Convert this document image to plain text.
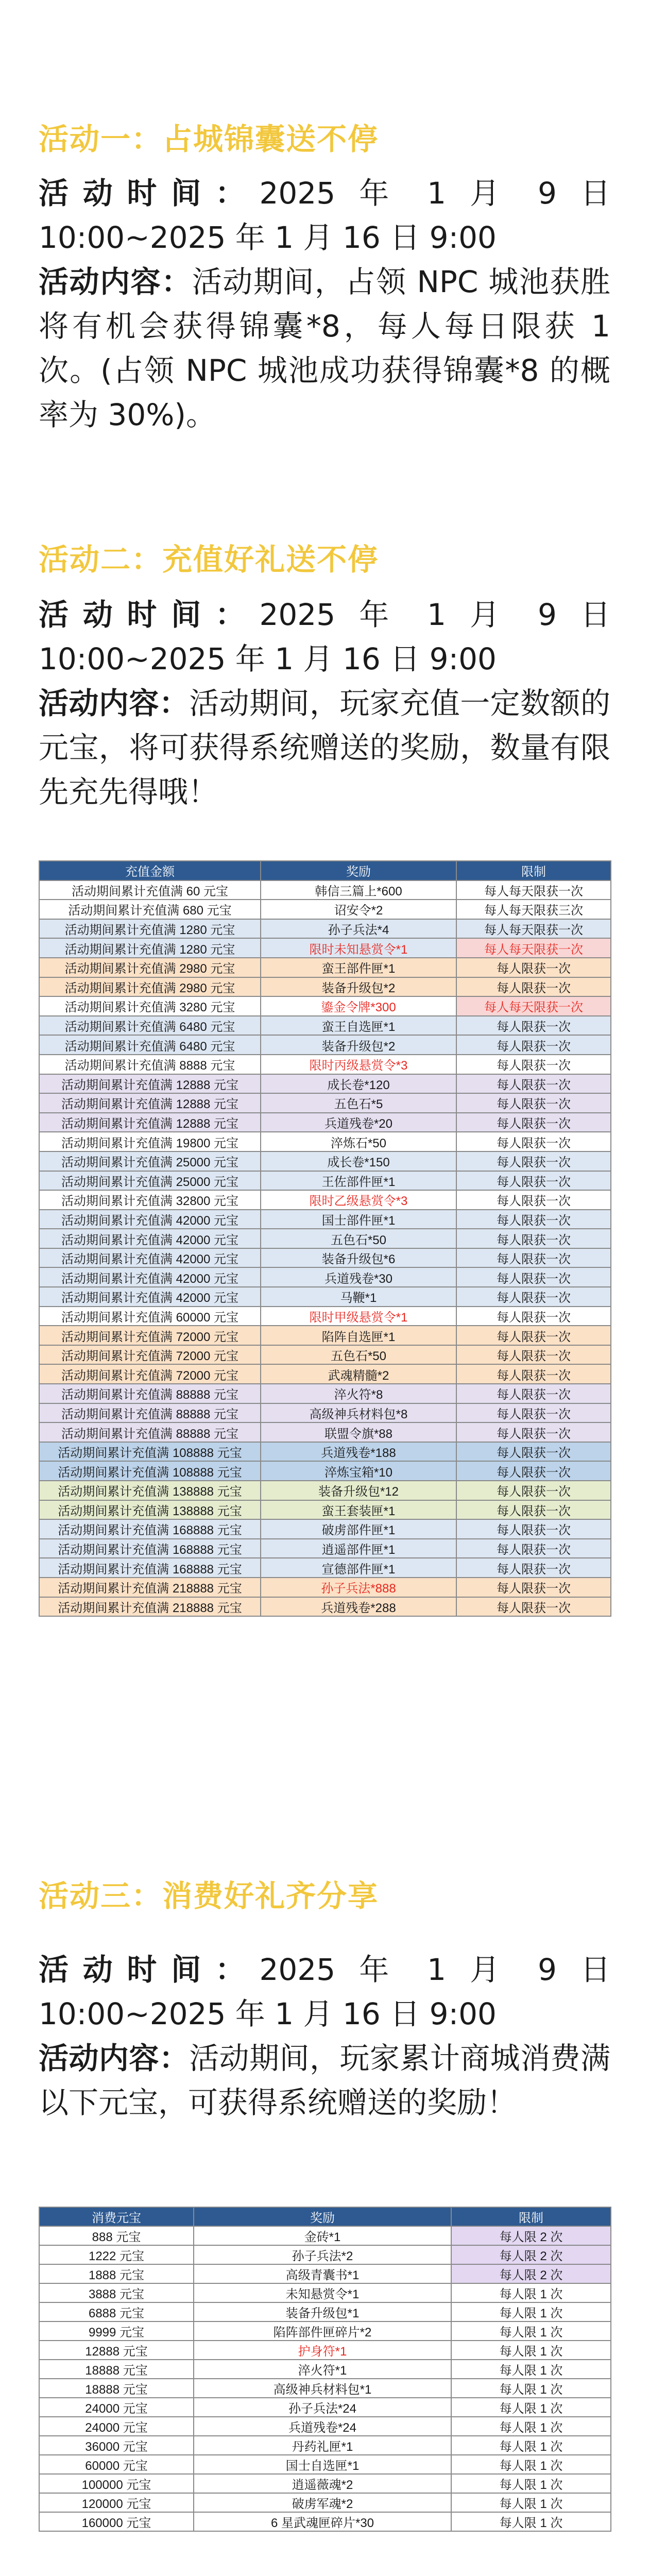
活动一：占城锦囊送不停

活动时间：2025 年 1 月 9 日 10:00~2025 年 1 月 16 日 9:00

活动内容：活动期间，占领 NPC 城池获胜将有机会获得锦囊*8，每人每日限获 1 次。(占领 NPC 城池成功获得锦囊*8 的概率为 30%)。

活动二：充值好礼送不停

活动时间：2025 年 1 月 9 日 10:00~2025 年 1 月 16 日 9:00

活动内容：活动期间，玩家充值一定数额的元宝，将可获得系统赠送的奖励，数量有限先充先得哦！

充值金额	奖励	限制
活动期间累计充值满 60 元宝	韩信三篇上*600	每人每天限获一次
活动期间累计充值满 680 元宝	诏安令*2	每人每天限获三次
活动期间累计充值满 1280 元宝	孙子兵法*4	每人每天限获一次
活动期间累计充值满 1280 元宝	限时未知悬赏令*1	每人每天限获一次
活动期间累计充值满 2980 元宝	蛮王部件匣*1	每人限获一次
活动期间累计充值满 2980 元宝	装备升级包*2	每人限获一次
活动期间累计充值满 3280 元宝	鎏金令牌*300	每人每天限获一次
活动期间累计充值满 6480 元宝	蛮王自选匣*1	每人限获一次
活动期间累计充值满 6480 元宝	装备升级包*2	每人限获一次
活动期间累计充值满 8888 元宝	限时丙级悬赏令*3	每人限获一次
活动期间累计充值满 12888 元宝	成长卷*120	每人限获一次
活动期间累计充值满 12888 元宝	五色石*5	每人限获一次
活动期间累计充值满 12888 元宝	兵道残卷*20	每人限获一次
活动期间累计充值满 19800 元宝	淬炼石*50	每人限获一次
活动期间累计充值满 25000 元宝	成长卷*150	每人限获一次
活动期间累计充值满 25000 元宝	王佐部件匣*1	每人限获一次
活动期间累计充值满 32800 元宝	限时乙级悬赏令*3	每人限获一次
活动期间累计充值满 42000 元宝	国士部件匣*1	每人限获一次
活动期间累计充值满 42000 元宝	五色石*50	每人限获一次
活动期间累计充值满 42000 元宝	装备升级包*6	每人限获一次
活动期间累计充值满 42000 元宝	兵道残卷*30	每人限获一次
活动期间累计充值满 42000 元宝	马鞭*1	每人限获一次
活动期间累计充值满 60000 元宝	限时甲级悬赏令*1	每人限获一次
活动期间累计充值满 72000 元宝	陷阵自选匣*1	每人限获一次
活动期间累计充值满 72000 元宝	五色石*50	每人限获一次
活动期间累计充值满 72000 元宝	武魂精髓*2	每人限获一次
活动期间累计充值满 88888 元宝	淬火符*8	每人限获一次
活动期间累计充值满 88888 元宝	高级神兵材料包*8	每人限获一次
活动期间累计充值满 88888 元宝	联盟令旗*88	每人限获一次
活动期间累计充值满 108888 元宝	兵道残卷*188	每人限获一次
活动期间累计充值满 108888 元宝	淬炼宝箱*10	每人限获一次
活动期间累计充值满 138888 元宝	装备升级包*12	每人限获一次
活动期间累计充值满 138888 元宝	蛮王套装匣*1	每人限获一次
活动期间累计充值满 168888 元宝	破虏部件匣*1	每人限获一次
活动期间累计充值满 168888 元宝	逍遥部件匣*1	每人限获一次
活动期间累计充值满 168888 元宝	宣德部件匣*1	每人限获一次
活动期间累计充值满 218888 元宝	孙子兵法*888	每人限获一次
活动期间累计充值满 218888 元宝	兵道残卷*288	每人限获一次
活动三：消费好礼齐分享

活动时间：2025 年 1 月 9 日 10:00~2025 年 1 月 16 日 9:00

活动内容：活动期间，玩家累计商城消费满以下元宝，可获得系统赠送的奖励！

消费元宝	奖励	限制
888 元宝	金砖*1	每人限 2 次
1222 元宝	孙子兵法*2	每人限 2 次
1888 元宝	高级青囊书*1	每人限 2 次
3888 元宝	未知悬赏令*1	每人限 1 次
6888 元宝	装备升级包*1	每人限 1 次
9999 元宝	陷阵部件匣碎片*2	每人限 1 次
12888 元宝	护身符*1	每人限 1 次
18888 元宝	淬火符*1	每人限 1 次
18888 元宝	高级神兵材料包*1	每人限 1 次
24000 元宝	孙子兵法*24	每人限 1 次
24000 元宝	兵道残卷*24	每人限 1 次
36000 元宝	丹药礼匣*1	每人限 1 次
60000 元宝	国士自选匣*1	每人限 1 次
100000 元宝	逍遥薇魂*2	每人限 1 次
120000 元宝	破虏军魂*2	每人限 1 次
160000 元宝	6 星武魂匣碎片*30	每人限 1 次
